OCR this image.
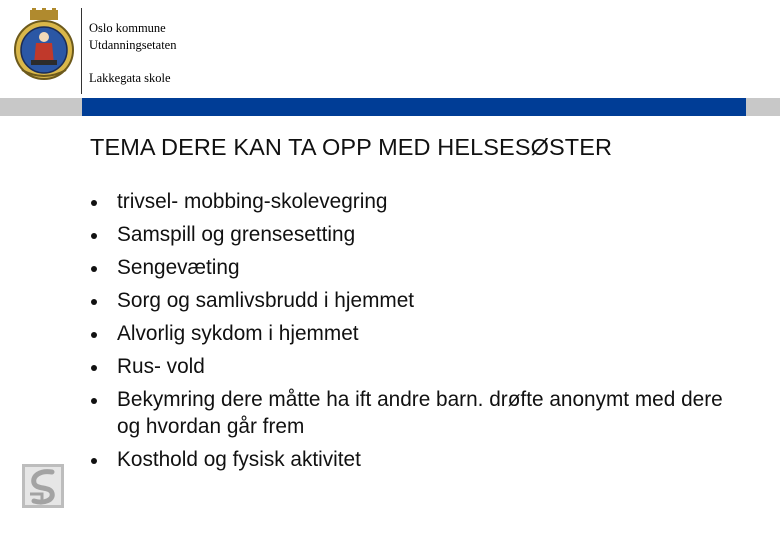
Oslo kommune
Utdanningsetaten
Lakkegata skole
TEMA DERE KAN TA OPP MED HELSESØSTER
trivsel- mobbing-skolevegring
Samspill og grensesetting
Sengevæting
Sorg og samlivsbrudd i hjemmet
Alvorlig sykdom i hjemmet
Rus- vold
Bekymring dere måtte ha ift andre barn. drøfte anonymt med dere og hvordan går frem
Kosthold og fysisk aktivitet
